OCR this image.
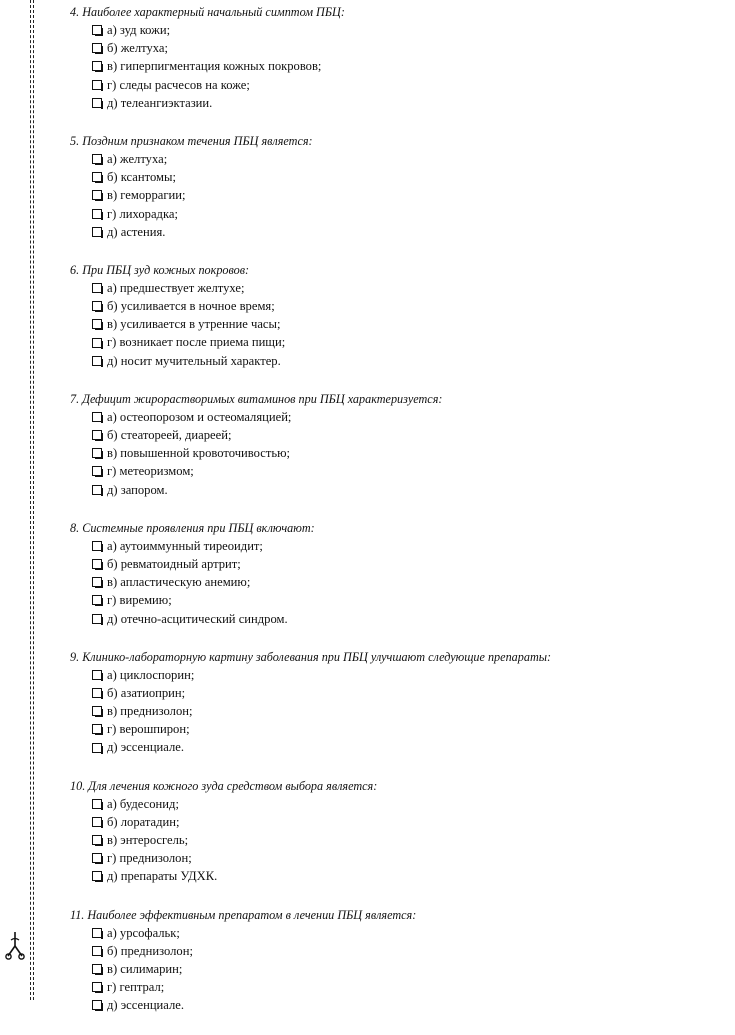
4. Наиболее характерный начальный симптом ПБЦ:
а) зуд кожи;
б) желтуха;
в) гиперпигментация кожных покровов;
г) следы расчесов на коже;
д) телеангиэктазии.
5. Поздним признаком течения ПБЦ является:
а) желтуха;
б) ксантомы;
в) геморрагии;
г) лихорадка;
д) астения.
6. При ПБЦ зуд кожных покровов:
а) предшествует желтухе;
б) усиливается в ночное время;
в) усиливается в утренние часы;
г) возникает после приема пищи;
д) носит мучительный характер.
7. Дефицит жирорастворимых витаминов при ПБЦ характеризуется:
а) остеопорозом и остеомаляцией;
б) стеатореей, диареей;
в) повышенной кровоточивостью;
г) метеоризмом;
д) запором.
8. Системные проявления при ПБЦ включают:
а) аутоиммунный тиреоидит;
б) ревматоидный артрит;
в) апластическую анемию;
г) виремию;
д) отечно-асцитический синдром.
9. Клинико-лабораторную картину заболевания при ПБЦ улучшают следующие препараты:
а) циклоспорин;
б) азатиоприн;
в) преднизолон;
г) верошпирон;
д) эссенциале.
10. Для лечения кожного зуда средством выбора является:
а) будесонид;
б) лоратадин;
в) энтеросгель;
г) преднизолон;
д) препараты УДХК.
11. Наиболее эффективным препаратом в лечении ПБЦ является:
а) урсофальк;
б) преднизолон;
в) силимарин;
г) гептрал;
д) эссенциале.
